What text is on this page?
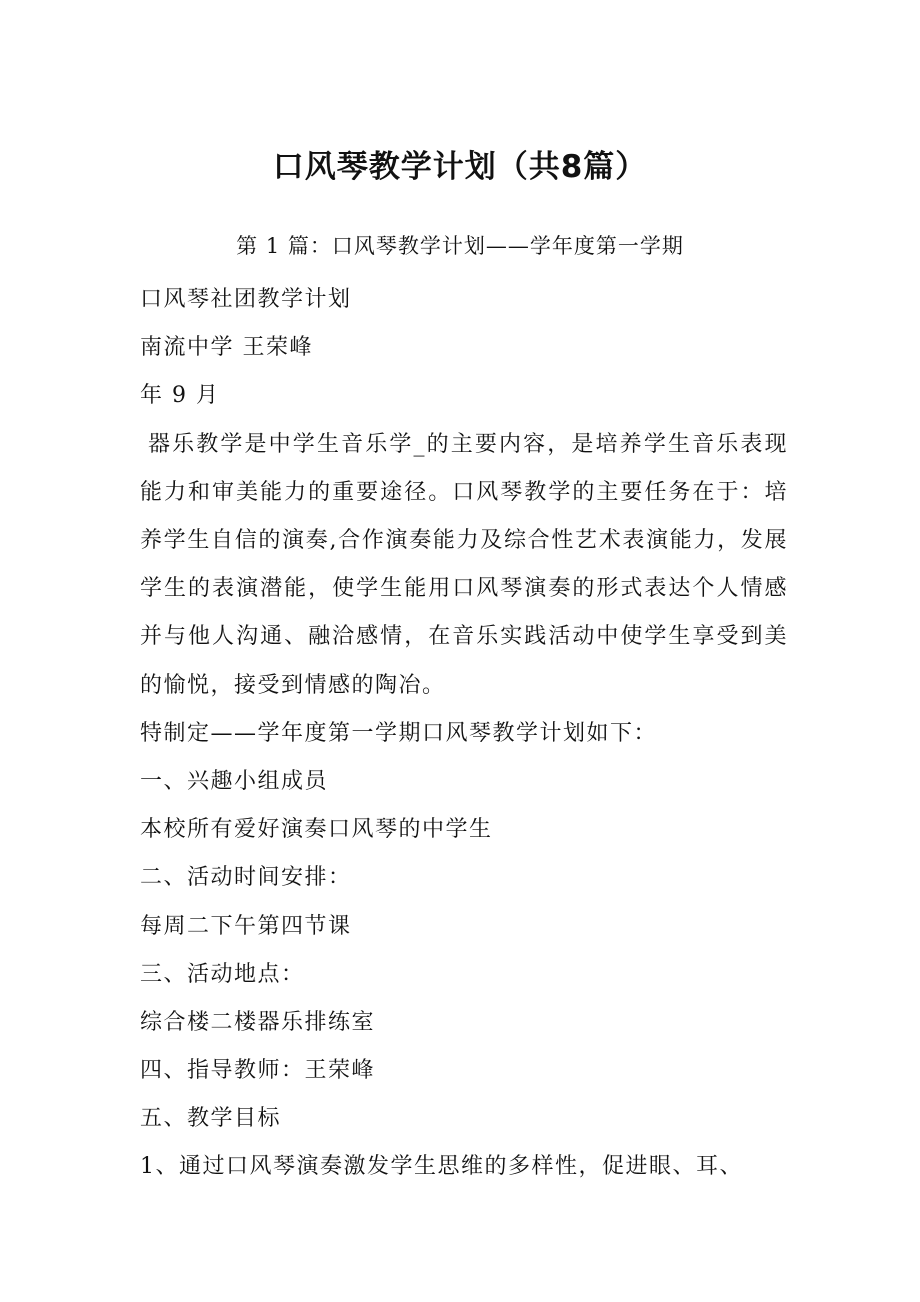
口风琴教学计划（共8篇）
第 1 篇：口风琴教学计划——学年度第一学期
口风琴社团教学计划
南流中学 王荣峰
年 9 月
器乐教学是中学生音乐学_的主要内容，是培养学生音乐表现能力和审美能力的重要途径。口风琴教学的主要任务在于：培养学生自信的演奏,合作演奏能力及综合性艺术表演能力，发展学生的表演潜能，使学生能用口风琴演奏的形式表达个人情感并与他人沟通、融洽感情，在音乐实践活动中使学生享受到美的愉悦，接受到情感的陶冶。
特制定——学年度第一学期口风琴教学计划如下：
一、兴趣小组成员
本校所有爱好演奏口风琴的中学生
二、活动时间安排：
每周二下午第四节课
三、活动地点：
综合楼二楼器乐排练室
四、指导教师：王荣峰
五、教学目标
1、通过口风琴演奏激发学生思维的多样性，促进眼、耳、
